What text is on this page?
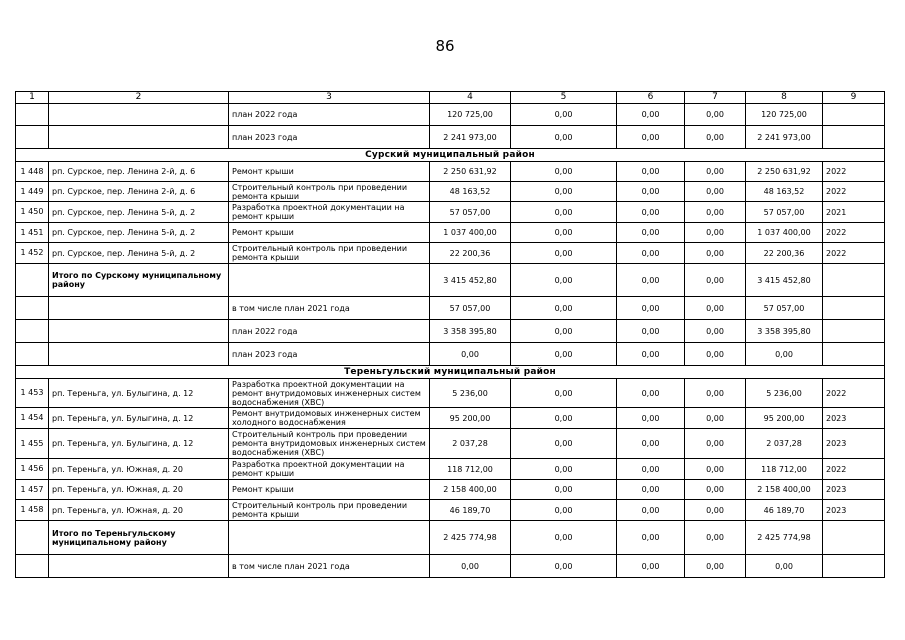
86
1	2	3	4	5	6	7	8	9
		план 2022 года	120 725,00	0,00	0,00	0,00	120 725,00	
		план 2023 года	2 241 973,00	0,00	0,00	0,00	2 241 973,00	
Сурский муниципальный район								
1 448	рп. Сурское, пер. Ленина 2-й, д. 6	Ремонт крыши	2 250 631,92	0,00	0,00	0,00	2 250 631,92	2022
1 449	рп. Сурское, пер. Ленина 2-й, д. 6	Строительный контроль при проведении ремонта крыши	48 163,52	0,00	0,00	0,00	48 163,52	2022
1 450	рп. Сурское, пер. Ленина 5-й, д. 2	Разработка проектной документации на ремонт крыши	57 057,00	0,00	0,00	0,00	57 057,00	2021
1 451	рп. Сурское, пер. Ленина 5-й, д. 2	Ремонт крыши	1 037 400,00	0,00	0,00	0,00	1 037 400,00	2022
1 452	рп. Сурское, пер. Ленина 5-й, д. 2	Строительный контроль при проведении ремонта крыши	22 200,36	0,00	0,00	0,00	22 200,36	2022
	Итого по Сурскому муниципальному району		3 415 452,80	0,00	0,00	0,00	3 415 452,80	
		в том числе план 2021 года	57 057,00	0,00	0,00	0,00	57 057,00	
		план 2022 года	3 358 395,80	0,00	0,00	0,00	3 358 395,80	
		план 2023 года	0,00	0,00	0,00	0,00	0,00	
Тереньгульский муниципальный район								
1 453	рп. Тереньга, ул. Булыгина, д. 12	Разработка проектной документации на ремонт внутридомовых инженерных систем водоснабжения (ХВС)	5 236,00	0,00	0,00	0,00	5 236,00	2022
1 454	рп. Тереньга, ул. Булыгина, д. 12	Ремонт внутридомовых инженерных систем холодного водоснабжения	95 200,00	0,00	0,00	0,00	95 200,00	2023
1 455	рп. Тереньга, ул. Булыгина, д. 12	Строительный контроль при проведении ремонта внутридомовых инженерных систем водоснабжения (ХВС)	2 037,28	0,00	0,00	0,00	2 037,28	2023
1 456	рп. Тереньга, ул. Южная, д. 20	Разработка проектной документации на ремонт крыши	118 712,00	0,00	0,00	0,00	118 712,00	2022
1 457	рп. Тереньга, ул. Южная, д. 20	Ремонт крыши	2 158 400,00	0,00	0,00	0,00	2 158 400,00	2023
1 458	рп. Тереньга, ул. Южная, д. 20	Строительный контроль при проведении ремонта крыши	46 189,70	0,00	0,00	0,00	46 189,70	2023
	Итого по Тереньгульскому муниципальному району		2 425 774,98	0,00	0,00	0,00	2 425 774,98	
		в том числе план 2021 года	0,00	0,00	0,00	0,00	0,00	
